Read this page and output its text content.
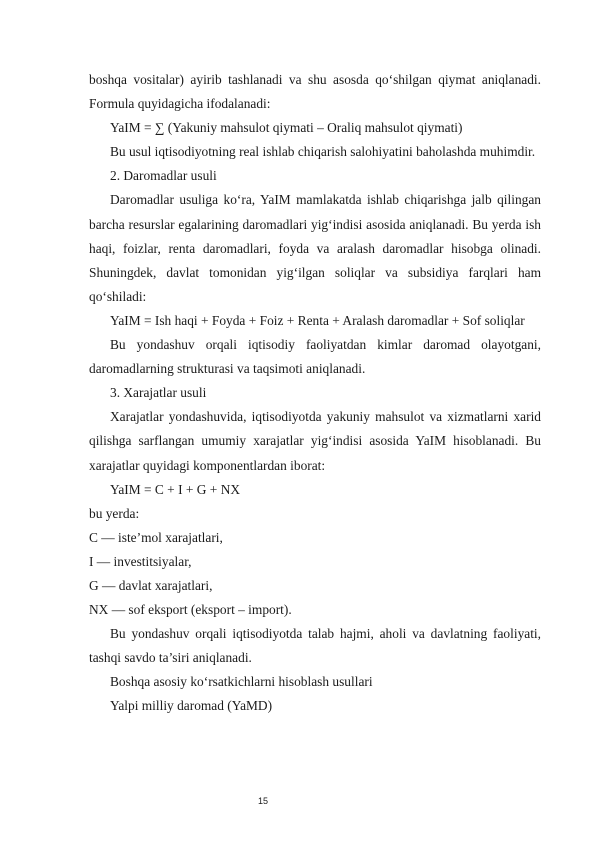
boshqa vositalar) ayirib tashlanadi va shu asosda qo‘shilgan qiymat aniqlanadi. Formula quyidagicha ifodalanadi:

YaIM = ∑ (Yakuniy mahsulot qiymati – Oraliq mahsulot qiymati)

Bu usul iqtisodiyotning real ishlab chiqarish salohiyatini baholashda muhimdir.

2. Daromadlar usuli

Daromadlar usuliga ko‘ra, YaIM mamlakatda ishlab chiqarishga jalb qilingan barcha resurslar egalarining daromadlari yig‘indisi asosida aniqlanadi. Bu yerda ish haqi, foizlar, renta daromadlari, foyda va aralash daromadlar hisobga olinadi. Shuningdek, davlat tomonidan yig‘ilgan soliqlar va subsidiya farqlari ham qo‘shiladi:

YaIM = Ish haqi + Foyda + Foiz + Renta + Aralash daromadlar + Sof soliqlar

Bu yondashuv orqali iqtisodiy faoliyatdan kimlar daromad olayotgani, daromadlarning strukturasi va taqsimoti aniqlanadi.

3. Xarajatlar usuli

Xarajatlar yondashuvida, iqtisodiyotda yakuniy mahsulot va xizmatlarni xarid qilishga sarflangan umumiy xarajatlar yig‘indisi asosida YaIM hisoblanadi. Bu xarajatlar quyidagi komponentlardan iborat:

YaIM = C + I + G + NX

bu yerda:

C — iste’mol xarajatlari,

I — investitsiyalar,

G — davlat xarajatlari,

NX — sof eksport (eksport – import).

Bu yondashuv orqali iqtisodiyotda talab hajmi, aholi va davlatning faoliyati, tashqi savdo ta’siri aniqlanadi.

Boshqa asosiy ko‘rsatkichlarni hisoblash usullari

Yalpi milliy daromad (YaMD)

15
